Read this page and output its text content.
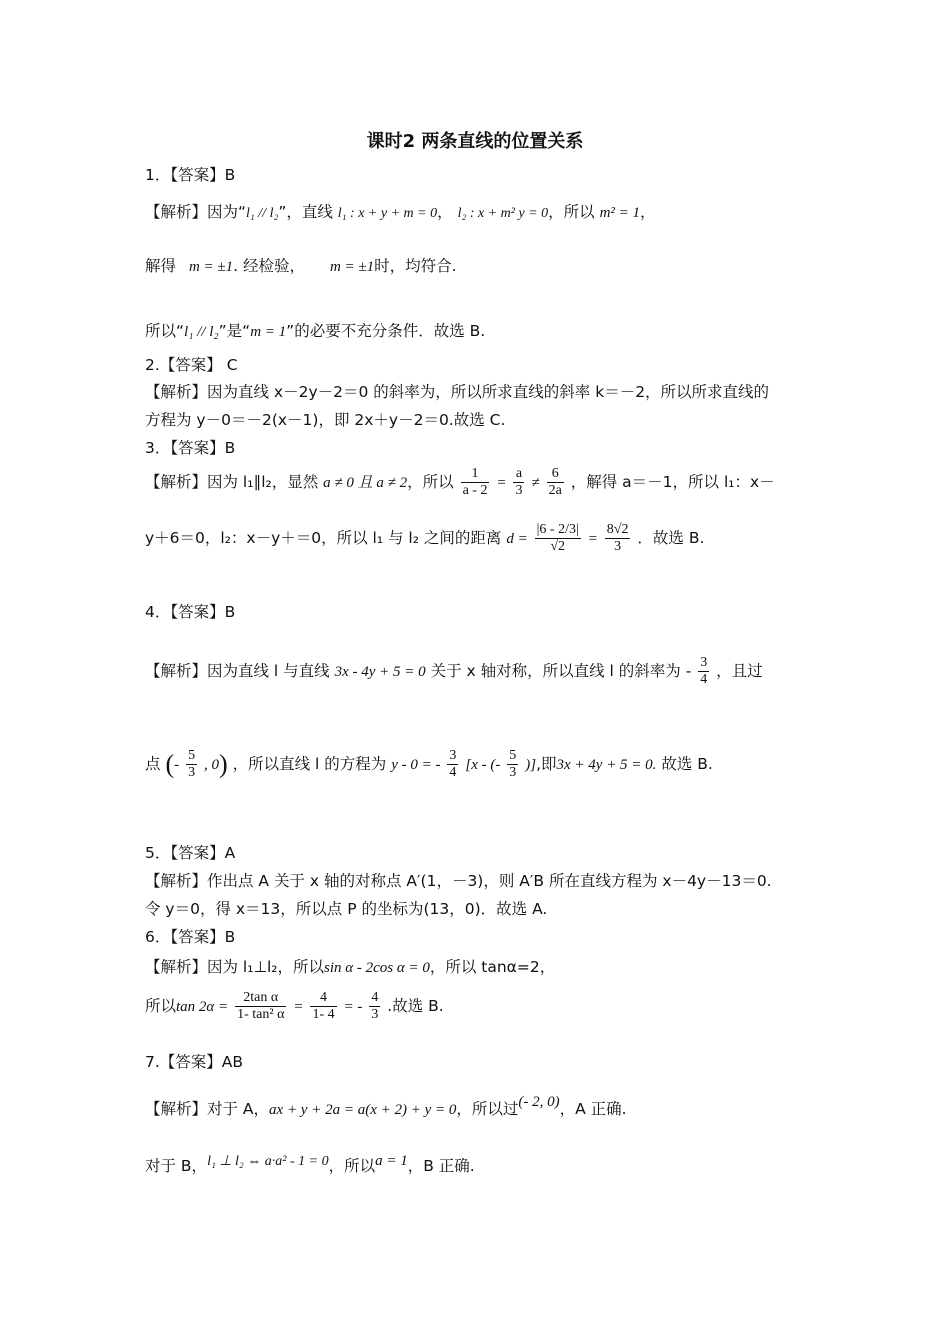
课时2 两条直线的位置关系
1．【答案】B
【解析】因为“l₁ // l₂”，直线 l₁ : x + y + m = 0， l₂ : x + m² y = 0，所以 m² = 1，
解得 m = ±1. 经检验， m = ±1时，均符合.
所以“l₁ // l₂”是“m = 1”的必要不充分条件．故选 B.
2.【答案】 C
【解析】因为直线 x－2y－2＝0 的斜率为，所以所求直线的斜率 k＝－2，所以所求直线的
方程为 y－0＝－2(x－1)，即 2x＋y－2＝0.故选 C.
3．【答案】B
【解析】因为 l₁∥l₂，显然 a ≠ 0 且 a ≠ 2，所以 $\frac{1}{a - 2} = \frac{a}{3} \ne \frac{6}{2a}$ ，解得 a＝－1，所以 l₁：x－
y＋6＝0，l₂：x－y＋＝0，所以 l₁ 与 l₂ 之间的距离 $d = \frac{|6 - 2/3|}{√2} = \frac{8√2}{3}$ ．故选 B.
4．【答案】B
【解析】因为直线 l 与直线 3x - 4y + 5 = 0 关于 x 轴对称，所以直线 l 的斜率为 - $\frac{3}{4}$ ，且过
点 (- $\frac{5}{3}$ , 0) ，所以直线 l 的方程为 y - 0 = - $\frac{3}{4} [x$ - (- $\frac{5}{3}$ )],即3x + 4y + 5 = 0. 故选 B.
5．【答案】A
【解析】作出点 A 关于 x 轴的对称点 A′(1，－3)，则 A′B 所在直线方程为 x－4y－13＝0.
令 y＝0，得 x＝13，所以点 P 的坐标为(13，0)．故选 A.
6．【答案】B
【解析】因为 l₁⊥l₂，所以sin α - 2cos α = 0，所以 tanα=2，
所以$\tan 2\alpha = \frac{\text{2tan α}}{\text{1- tan² α}} = \frac{4}{1- 4}$ = - $\frac{4}{3}$ .故选 B.
7.【答案】AB
【解析】对于 A，ax + y + 2a = a(x + 2) + y = 0，所以过(- 2, 0)，A 正确.
对于 B，l₁ ⊥ l₂ ⇔ a·a² - 1 = 0，所以a = 1，B 正确.
